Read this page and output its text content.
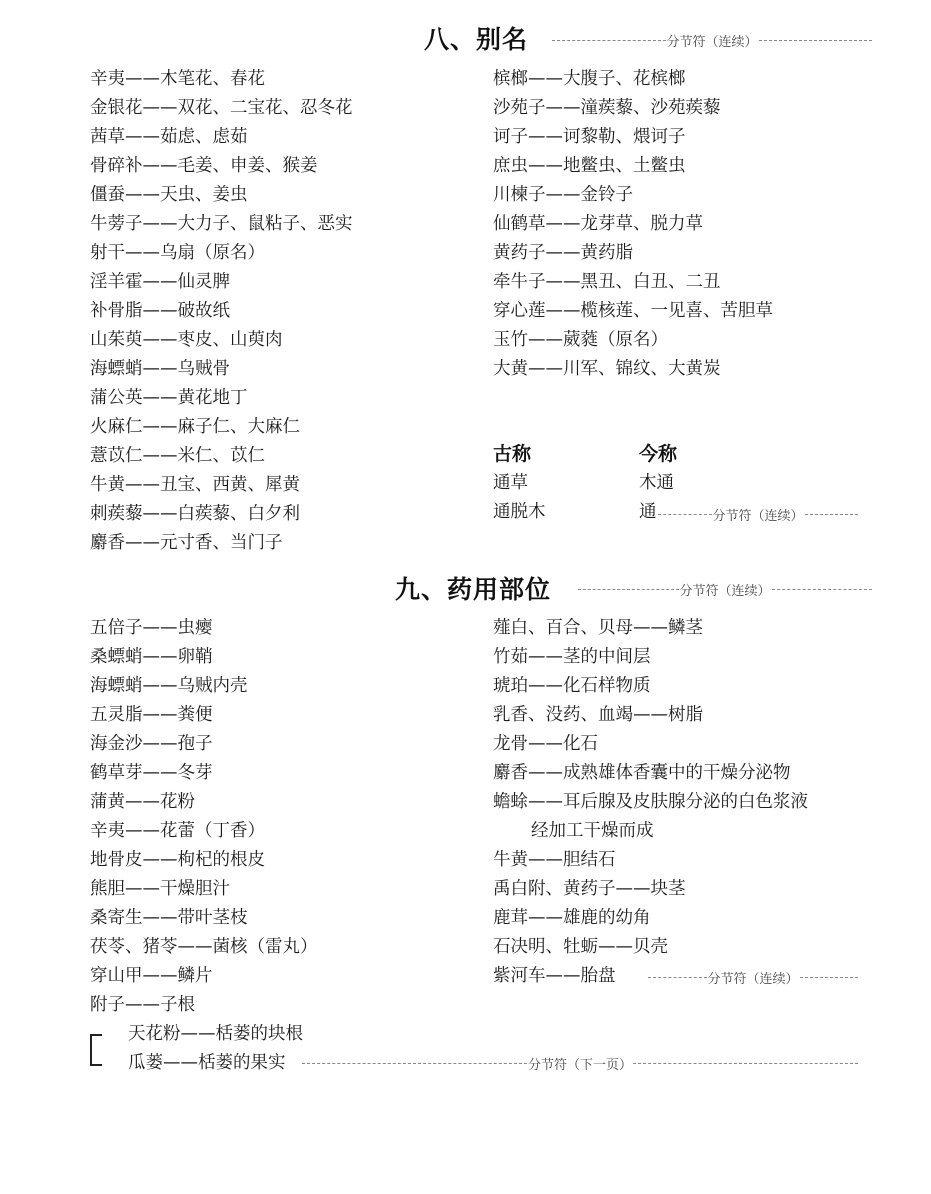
八、别名	分节符（连续）
辛夷——木笔花、春花
金银花——双花、二宝花、忍冬花
茜草——茹虑、虑茹
骨碎补——毛姜、申姜、猴姜
僵蚕——天虫、姜虫
牛蒡子——大力子、鼠粘子、恶实
射干——乌扇（原名）
淫羊霍——仙灵脾
补骨脂——破故纸
山茱萸——枣皮、山萸肉
海螵蛸——乌贼骨
蒲公英——黄花地丁
火麻仁——麻子仁、大麻仁
薏苡仁——米仁、苡仁
牛黄——丑宝、西黄、犀黄
刺蒺藜——白蒺藜、白夕利
麝香——元寸香、当门子
槟榔——大腹子、花槟榔
沙苑子——潼蒺藜、沙苑蒺藜
诃子——诃黎勒、煨诃子
庶虫——地鳖虫、土鳖虫
川楝子——金铃子
仙鹤草——龙芽草、脱力草
黄药子——黄药脂
牵牛子——黑丑、白丑、二丑
穿心莲——榄核莲、一见喜、苦胆草
玉竹——葳蕤（原名）
大黄——川军、锦纹、大黄炭
古称	今称
通草	木通
通脱木	通	分节符（连续）
九、药用部位	分节符（连续）
五倍子——虫瘿
桑螵蛸——卵鞘
海螵蛸——乌贼内壳
五灵脂——粪便
海金沙——孢子
鹤草芽——冬芽
蒲黄——花粉
辛夷——花蕾（丁香）
地骨皮——枸杞的根皮
熊胆——干燥胆汁
桑寄生——带叶茎枝
茯苓、猪苓——菌核（雷丸）
穿山甲——鳞片
附子——子根
天花粉——栝蒌的块根
瓜蒌——栝蒌的果实	分节符（下一页）
薤白、百合、贝母——鳞茎
竹茹——茎的中间层
琥珀——化石样物质
乳香、没药、血竭——树脂
龙骨——化石
麝香——成熟雄体香囊中的干燥分泌物
蟾蜍——耳后腺及皮肤腺分泌的白色浆液
经加工干燥而成
牛黄——胆结石
禹白附、黄药子——块茎
鹿茸——雄鹿的幼角
石决明、牡蛎——贝壳
紫河车——胎盘	分节符（连续）
